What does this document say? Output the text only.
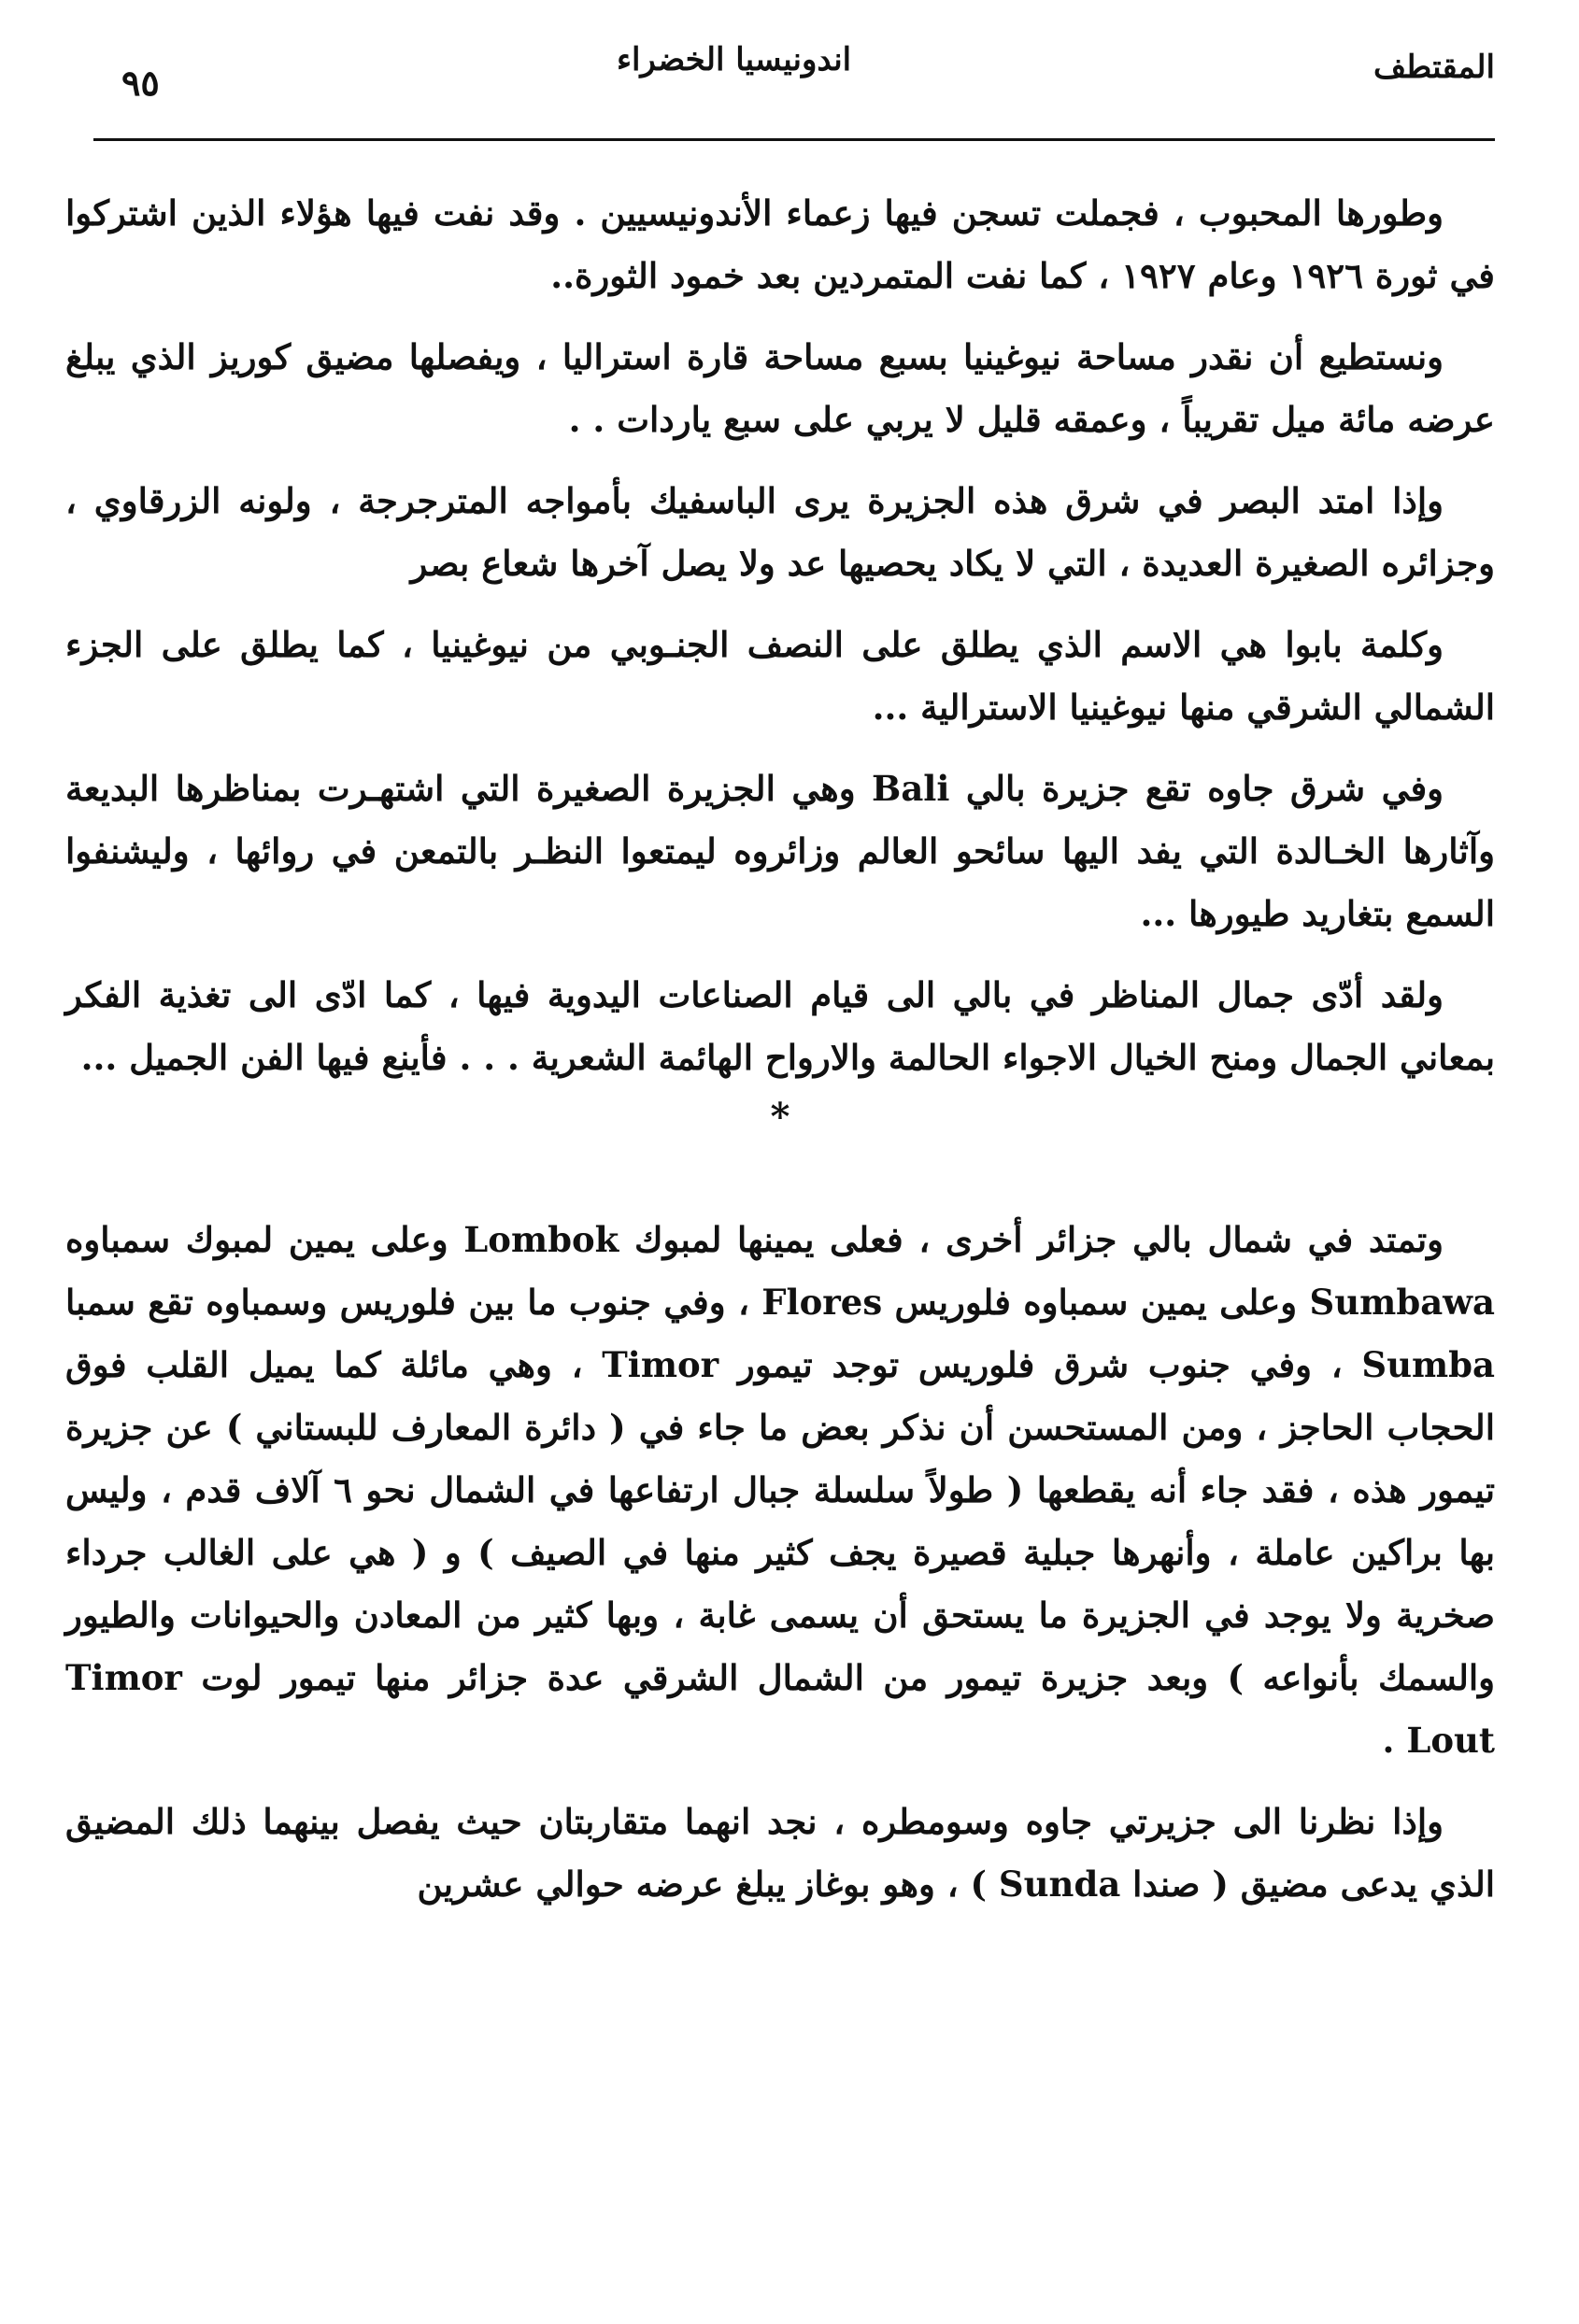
٩٥
اندونيسيا الخضراء	المقتطف

وطورها المحبوب ، فجملت تسجن فيها زعماء الأندونيسيين . وقد نفت فيها هؤلاء الذين اشتركوا في ثورة ١٩٢٦ وعام ١٩٢٧ ، كما نفت المتمردين بعد خمود الثورة..

ونستطيع أن نقدر مساحة نيوغينيا بسبع مساحة قارة استراليا ، ويفصلها مضيق كوريز الذي يبلغ عرضه مائة ميل تقريباً ، وعمقه قليل لا يربي على سبع ياردات . .

وإذا امتد البصر في شرق هذه الجزيرة يرى الباسفيك بأمواجه المترجرجة ، ولونه الزرقاوي ، وجزائره الصغيرة العديدة ، التي لا يكاد يحصيها عد ولا يصل آخرها شعاع بصر

وكلمة بابوا هي الاسم الذي يطلق على النصف الجنـوبي من نيوغينيا ، كما يطلق على الجزء الشمالي الشرقي منها نيوغينيا الاسترالية ...

وفي شرق جاوه تقع جزيرة بالي Bali وهي الجزيرة الصغيرة التي اشتهـرت بمناظرها البديعة وآثارها الخـالدة التي يفد اليها سائحو العالم وزائروه ليمتعوا النظـر بالتمعن في روائها ، وليشنفوا السمع بتغاريد طيورها ...

ولقد أدّى جمال المناظر في بالي الى قيام الصناعات اليدوية فيها ، كما ادّى الى تغذية الفكر بمعاني الجمال ومنح الخيال الاجواء الحالمة والارواح الهائمة الشعرية . . . فأينع فيها الفن الجميل ...

*

وتمتد في شمال بالي جزائر أخرى ، فعلى يمينها لمبوك Lombok وعلى يمين لمبوك سمباوه Sumbawa وعلى يمين سمباوه فلوريس Flores ، وفي جنوب ما بين فلوريس وسمباوه تقع سمبا Sumba ، وفي جنوب شرق فلوريس توجد تيمور Timor ، وهي مائلة كما يميل القلب فوق الحجاب الحاجز ، ومن المستحسن أن نذكر بعض ما جاء في ( دائرة المعارف للبستاني ) عن جزيرة تيمور هذه ، فقد جاء أنه يقطعها ( طولاً سلسلة جبال ارتفاعها في الشمال نحو ٦ آلاف قدم ، وليس بها براكين عاملة ، وأنهرها جبلية قصيرة يجف كثير منها في الصيف ) و ( هي على الغالب جرداء صخرية ولا يوجد في الجزيرة ما يستحق أن يسمى غابة ، وبها كثير من المعادن والحيوانات والطيور والسمك بأنواعه ) وبعد جزيرة تيمور من الشمال الشرقي عدة جزائر منها تيمور لوت Timor Lout .

وإذا نظرنا الى جزيرتي جاوه وسومطره ، نجد انهما متقاربتان حيث يفصل بينهما ذلك المضيق الذي يدعى مضيق ( صندا Sunda ) ، وهو بوغاز يبلغ عرضه حوالي عشرين
